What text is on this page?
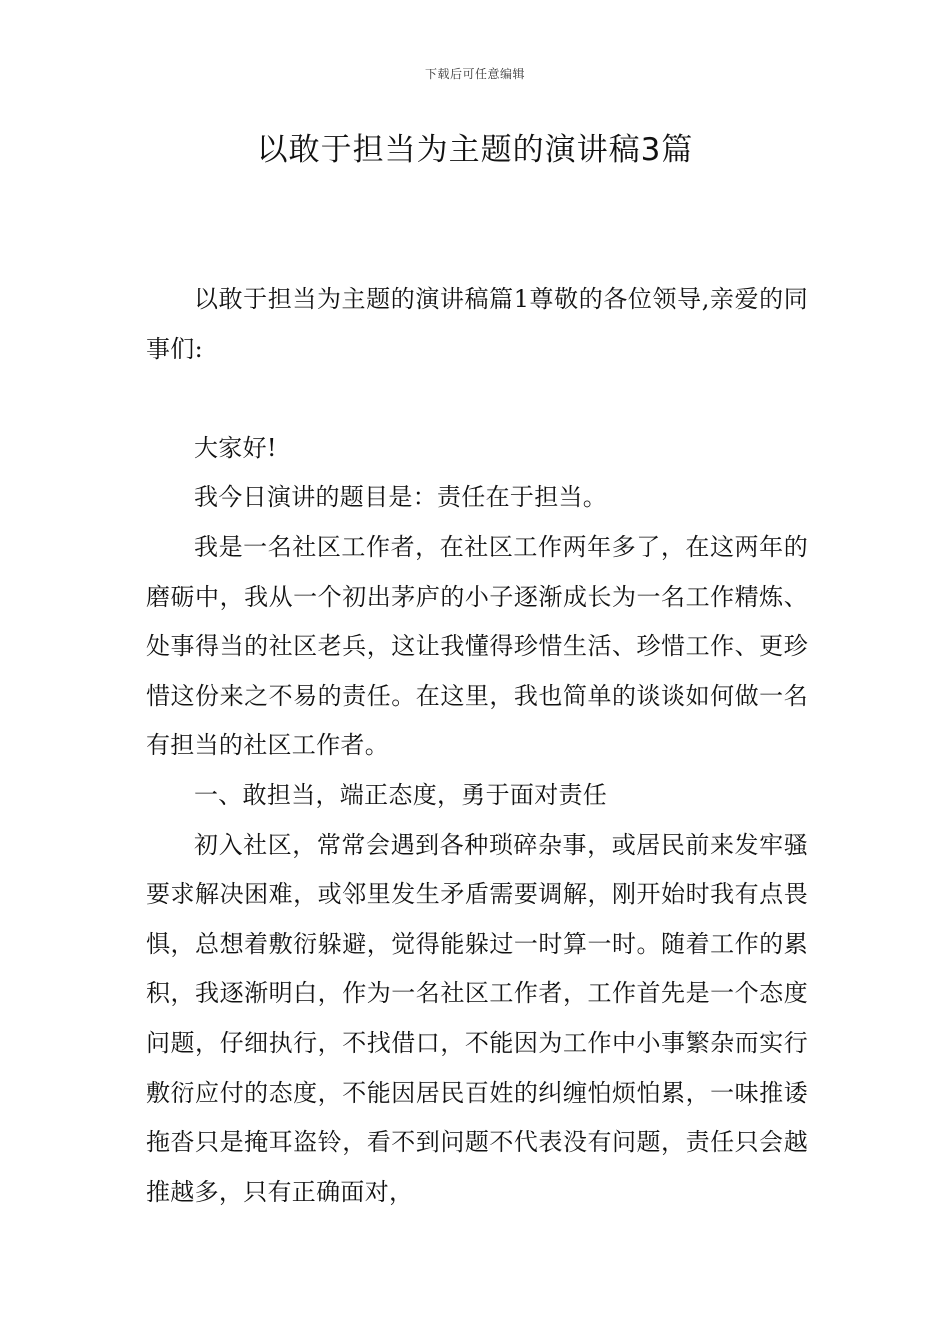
下载后可任意编辑
以敢于担当为主题的演讲稿3篇

以敢于担当为主题的演讲稿篇1尊敬的各位领导,亲爱的同事们:

大家好!

我今日演讲的题目是：责任在于担当。

我是一名社区工作者，在社区工作两年多了，在这两年的磨砺中，我从一个初出茅庐的小子逐渐成长为一名工作精炼、处事得当的社区老兵，这让我懂得珍惜生活、珍惜工作、更珍惜这份来之不易的责任。在这里，我也简单的谈谈如何做一名有担当的社区工作者。

一、敢担当，端正态度，勇于面对责任

初入社区，常常会遇到各种琐碎杂事，或居民前来发牢骚要求解决困难，或邻里发生矛盾需要调解，刚开始时我有点畏惧，总想着敷衍躲避，觉得能躲过一时算一时。随着工作的累积，我逐渐明白，作为一名社区工作者，工作首先是一个态度问题，仔细执行，不找借口，不能因为工作中小事繁杂而实行敷衍应付的态度，不能因居民百姓的纠缠怕烦怕累，一味推诿拖沓只是掩耳盗铃，看不到问题不代表没有问题，责任只会越推越多，只有正确面对，
